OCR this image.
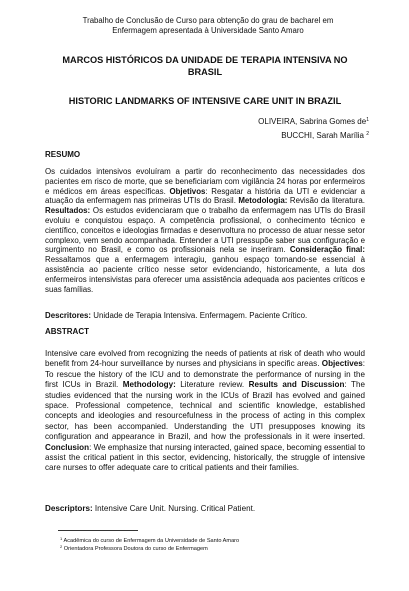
Trabalho de Conclusão de Curso para obtenção do grau de bacharel em
Enfermagem apresentada à Universidade Santo Amaro
MARCOS HISTÓRICOS DA UNIDADE DE TERAPIA INTENSIVA NO
BRASIL
HISTORIC LANDMARKS OF INTENSIVE CARE UNIT IN BRAZIL
OLIVEIRA, Sabrina Gomes $de^1$
BUCCHI, Sarah Marília $^2$
RESUMO
Os cuidados intensivos evoluíram a partir do reconhecimento das necessidades dos pacientes em risco de morte, que se beneficiariam com vigilância 24 horas por enfermeiros e médicos em áreas específicas. Objetivos: Resgatar a história da UTI e evidenciar a atuação da enfermagem nas primeiras UTIs do Brasil. Metodologia: Revisão da literatura. Resultados: Os estudos evidenciaram que o trabalho da enfermagem nas UTIs do Brasil evoluiu e conquistou espaço. A competência profissional, o conhecimento técnico e científico, conceitos e ideologias firmadas e desenvolturа no processo de atuar nesse setor complexo, vem sendo acompanhada. Entender a UTI pressupõe saber sua configuração e surgimento no Brasil, e como os profissionais nela se inseriram. Consideração final: Ressaltamos que a enfermagem interagiu, ganhou espaço tornando-se essencial à assistência ao paciente crítico nesse setor evidenciando, historicamente, a luta dos enfermeiros intensivistas para oferecer uma assistência adequada aos pacientes críticos e suas famílias.
Descritores: Unidade de Terapia Intensiva. Enfermagem. Paciente Crítico.
ABSTRACT
Intensive care evolved from recognizing the needs of patients at risk of death who would benefit from 24-hour surveillance by nurses and physicians in specific areas. Objectives: To rescue the history of the ICU and to demonstrate the performance of nursing in the first ICUs in Brazil. Methodology: Literature review. Results and Discussion: The studies evidenced that the nursing work in the ICUs of Brazil has evolved and gained space. Professional competence, technical and scientific knowledge, established concepts and ideologies and resourcefulness in the process of acting in this complex sector, has been accompanied. Understanding the UTI presupposes knowing its configuration and appearance in Brazil, and how the professionals in it were inserted. Conclusion: We emphasize that nursing interacted, gained space, becoming essential to assist the critical patient in this sector, evidencing, historically, the struggle of intensive care nurses to offer adequate care to critical patients and their families.
Descriptors: Intensive Care Unit. Nursing. Critical Patient.
$^1$ Acadêmica do curso de Enfermagem da Universidade de Santo Amaro
$^2$ Orientadora Professora Doutora do curso de Enfermagem
